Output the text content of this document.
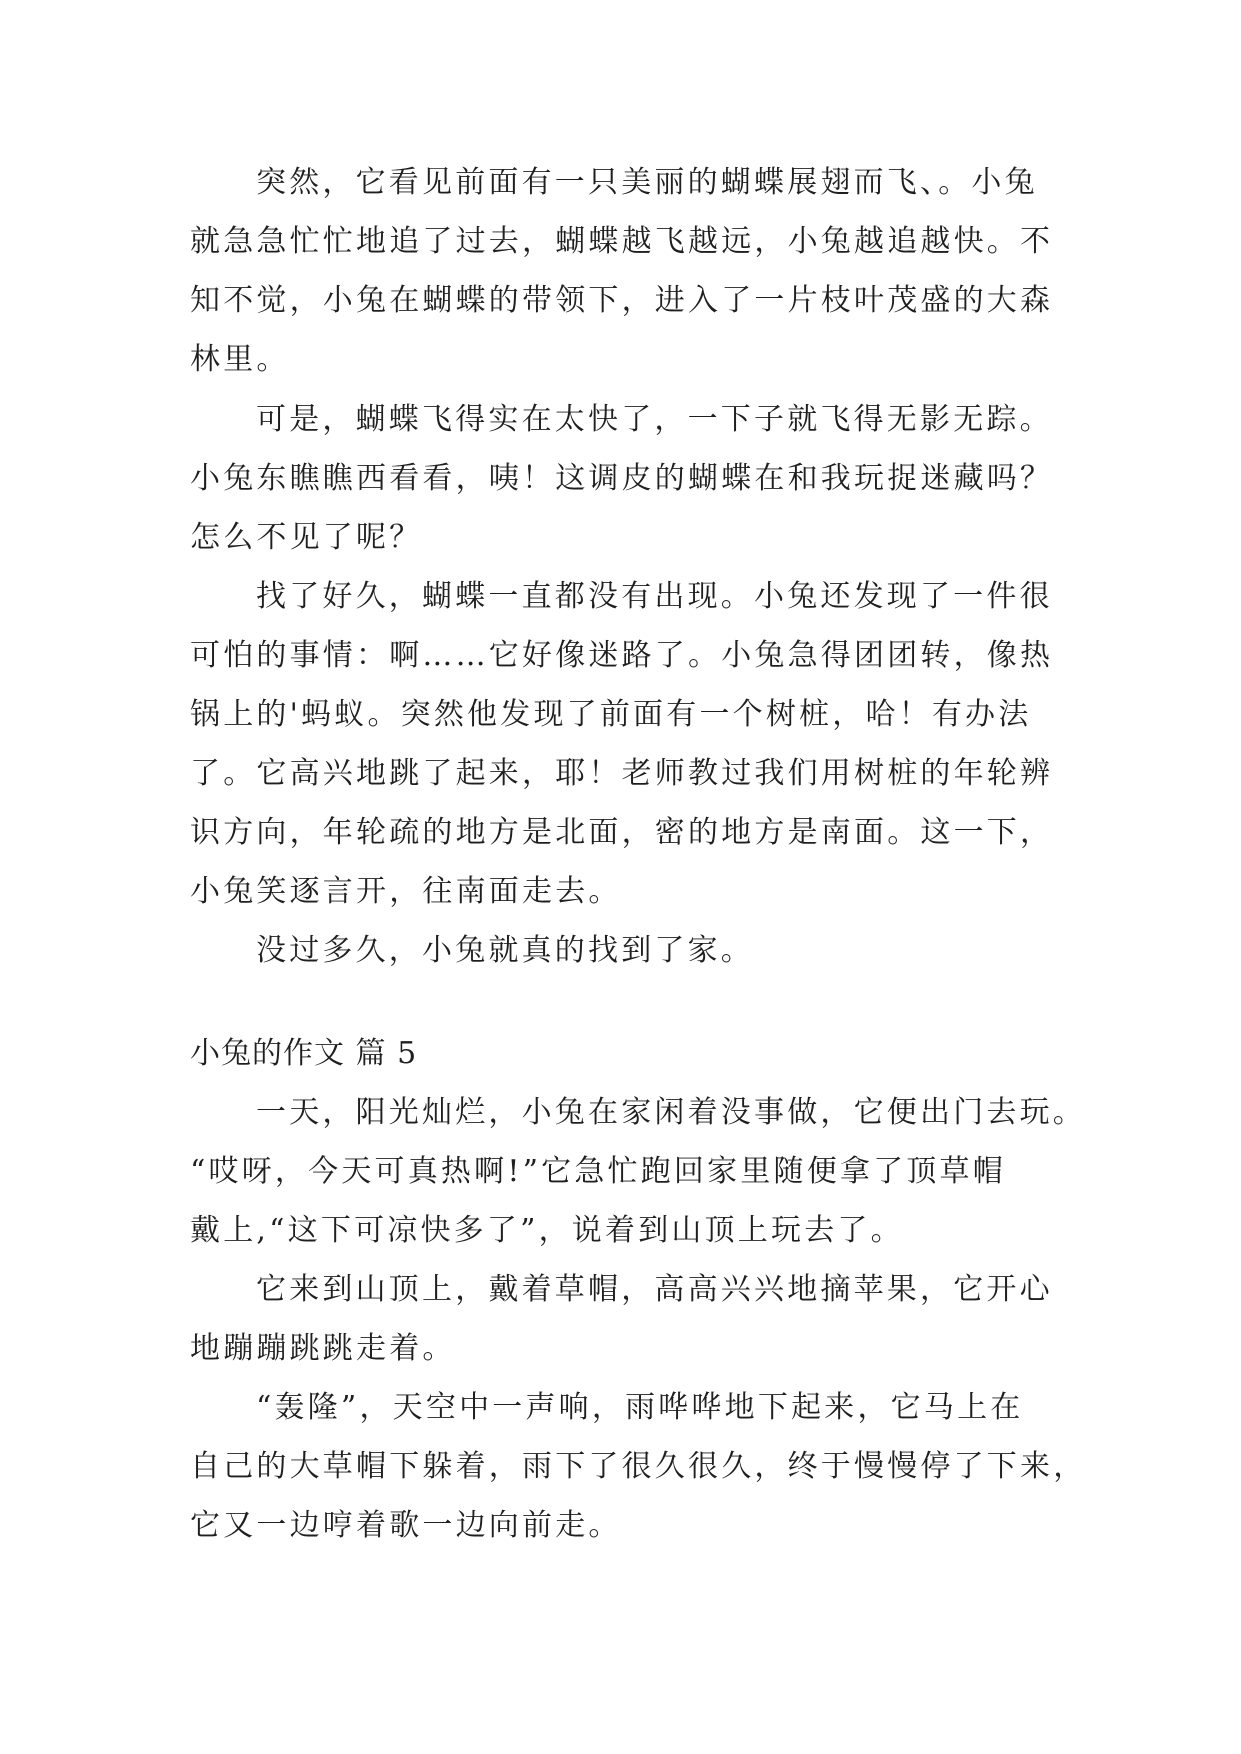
突然，它看见前面有一只美丽的蝴蝶展翅而飞、。小兔

就急急忙忙地追了过去，蝴蝶越飞越远，小兔越追越快。不

知不觉，小兔在蝴蝶的带领下，进入了一片枝叶茂盛的大森

林里。

可是，蝴蝶飞得实在太快了，一下子就飞得无影无踪。

小兔东瞧瞧西看看，咦！这调皮的蝴蝶在和我玩捉迷藏吗？

怎么不见了呢？

找了好久，蝴蝶一直都没有出现。小兔还发现了一件很

可怕的事情：啊……它好像迷路了。小兔急得团团转，像热

锅上的'蚂蚁。突然他发现了前面有一个树桩，哈！有办法

了。它高兴地跳了起来，耶！老师教过我们用树桩的年轮辨

识方向，年轮疏的地方是北面，密的地方是南面。这一下，

小兔笑逐言开，往南面走去。

没过多久，小兔就真的找到了家。

小兔的作文 篇 5

一天，阳光灿烂，小兔在家闲着没事做，它便出门去玩。

“哎呀，今天可真热啊!”它急忙跑回家里随便拿了顶草帽

戴上,“这下可凉快多了”，说着到山顶上玩去了。

它来到山顶上，戴着草帽，高高兴兴地摘苹果，它开心

地蹦蹦跳跳走着。

“轰隆”，天空中一声响，雨哗哗地下起来，它马上在

自己的大草帽下躲着，雨下了很久很久，终于慢慢停了下来，

它又一边哼着歌一边向前走。
